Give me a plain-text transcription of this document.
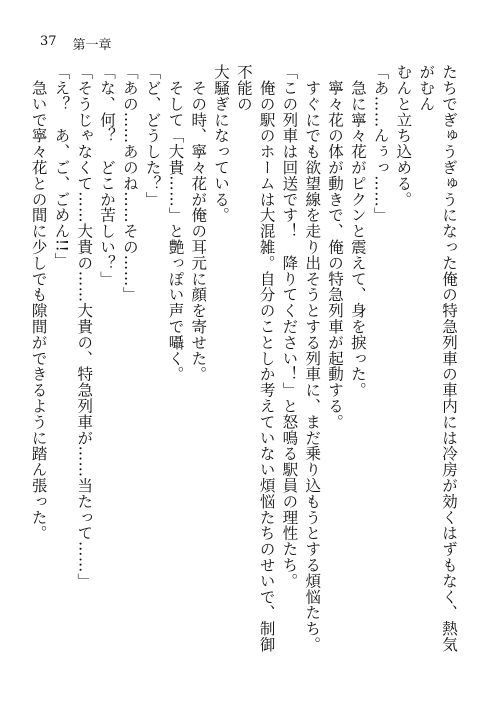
37 第一章

たちでぎゅうぎゅうになった俺の特急列車の車内には冷房が効くはずもなく、熱気がむん

むんと立ち込める。

「あ……んぅっ……」

　急に寧々花がピクンと震えて、身を捩った。

　寧々花の体が動きで、俺の特急列車が起動する。

　すぐにでも欲望線を走り出そうとする列車に、まだ乗り込もうとする煩悩たち。

「この列車は回送です！　降りてください！」と怒鳴る駅員の理性たち。

　俺の駅のホームは大混雑。自分のことしか考えていない煩悩たちのせいで、制御不能の

大騒ぎになっている。

　その時、寧々花が俺の耳元に顔を寄せた。

　そして「大貴……」と艶っぽい声で囁く。

「ど、どうした？」

「あの……あのね……その……」

「な、何？　どこか苦しい？」

「そうじゃなくて……大貴の……大貴の、特急列車が……当たって……」

「え？　あ、ご、ごめん!!」

　急いで寧々花との間に少しでも隙間ができるように踏ん張った。
